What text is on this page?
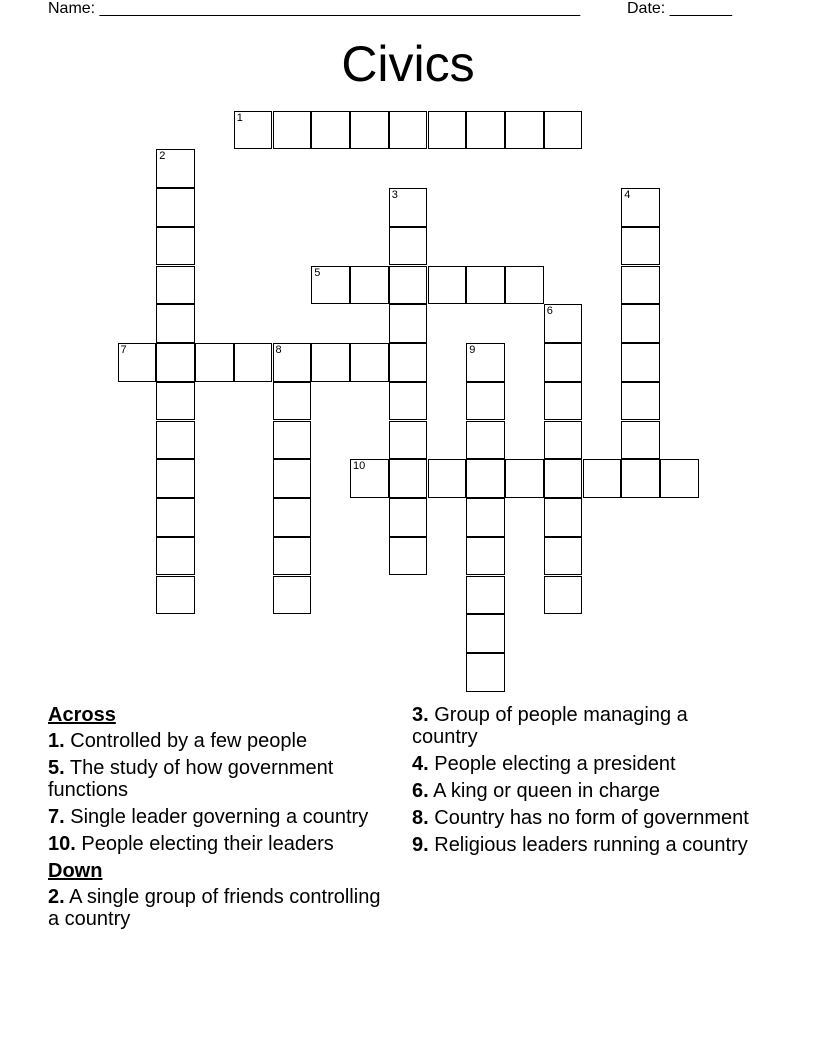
Name: ______________________________________________________	Date: _______
Civics
1
2
3	4
5
6
7	8	9
10
Across
1. Controlled by a few people
5. The study of how government functions
7. Single leader governing a country
10. People electing their leaders
Down
2. A single group of friends controlling a country
3. Group of people managing a country
4. People electing a president
6. A king or queen in charge
8. Country has no form of government
9. Religious leaders running a country
